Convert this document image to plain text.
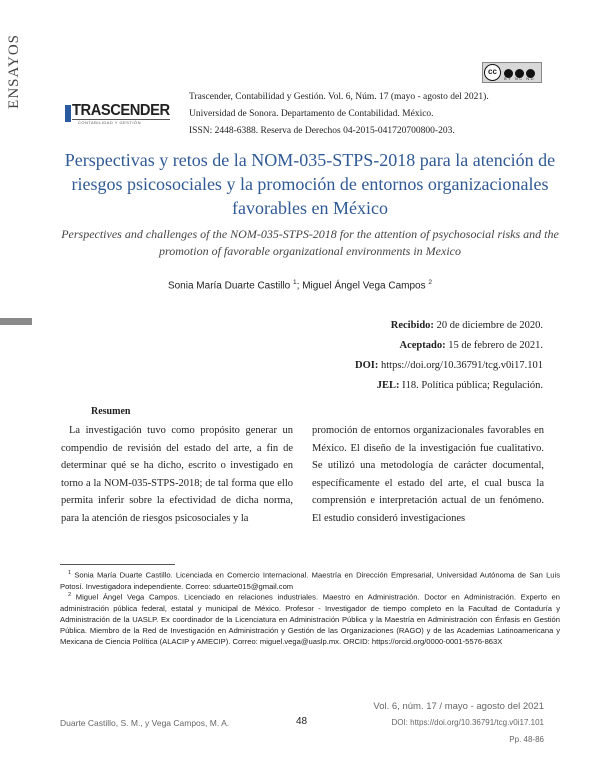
ENSAYOS	cc
BY NC ND
TRASCENDER
CONTABILIDAD Y GESTIÓN
Trascender, Contabilidad y Gestión. Vol. 6, Núm. 17 (mayo - agosto del 2021).
Universidad de Sonora. Departamento de Contabilidad. México.
ISSN: 2448-6388. Reserva de Derechos 04-2015-041720700800-203.
Perspectivas y retos de la NOM-035-STPS-2018 para la atención de riesgos psicosociales y la promoción de entornos organizacionales favorables en México
Perspectives and challenges of the NOM-035-STPS-2018 for the attention of psychosocial risks and the promotion of favorable organizational environments in Mexico
Sonia María Duarte Castillo $^1$; Miguel Ángel Vega Campos $^2$
Recibido: 20 de diciembre de 2020.
Aceptado: 15 de febrero de 2021.
DOI: https://doi.org/10.36791/tcg.v0i17.101
JEL: I18. Política pública; Regulación.
Resumen
La investigación tuvo como propósito generar un compendio de revisión del estado del arte, a fin de determinar qué se ha dicho, escrito o investigado en torno a la NOM-035-STPS-2018; de tal forma que ello permita inferir sobre la efectividad de dicha norma, para la atención de riesgos psicosociales y la
promoción de entornos organizacionales favorables en México. El diseño de la investigación fue cualitativo. Se utilizó una metodología de carácter documental, específicamente el estado del arte, el cual busca la comprensión e interpretación actual de un fenómeno. El estudio consideró investigaciones
$^1$ Sonia María Duarte Castillo. Licenciada en Comercio Internacional. Maestría en Dirección Empresarial, Universidad Autónoma de San Luis Potosí. Investigadora independiente. Correo: sduarte015@gmail.com
$^2$ Miguel Ángel Vega Campos. Licenciado en relaciones industriales. Maestro en Administración. Doctor en Administración. Experto en administración pública federal, estatal y municipal de México. Profesor - Investigador de tiempo completo en la Facultad de Contaduría y Administración de la UASLP. Ex coordinador de la Licenciatura en Administración Pública y la Maestría en Administración con Énfasis en Gestión Pública. Miembro de la Red de Investigación en Administración y Gestión de las Organizaciones (RAGO) y de las Academias Latinoamericana y Mexicana de Ciencia Política (ALACIP y AMECIP). Correo: miguel.vega@uaslp.mx. ORCID: https://orcid.org/0000-0001-5576-863X
Duarte Castillo, S. M., y Vega Campos, M. A.	48
Vol. 6, núm. 17 / mayo - agosto del 2021
DOI: https://doi.org/10.36791/tcg.v0i17.101
Pp. 48-86
